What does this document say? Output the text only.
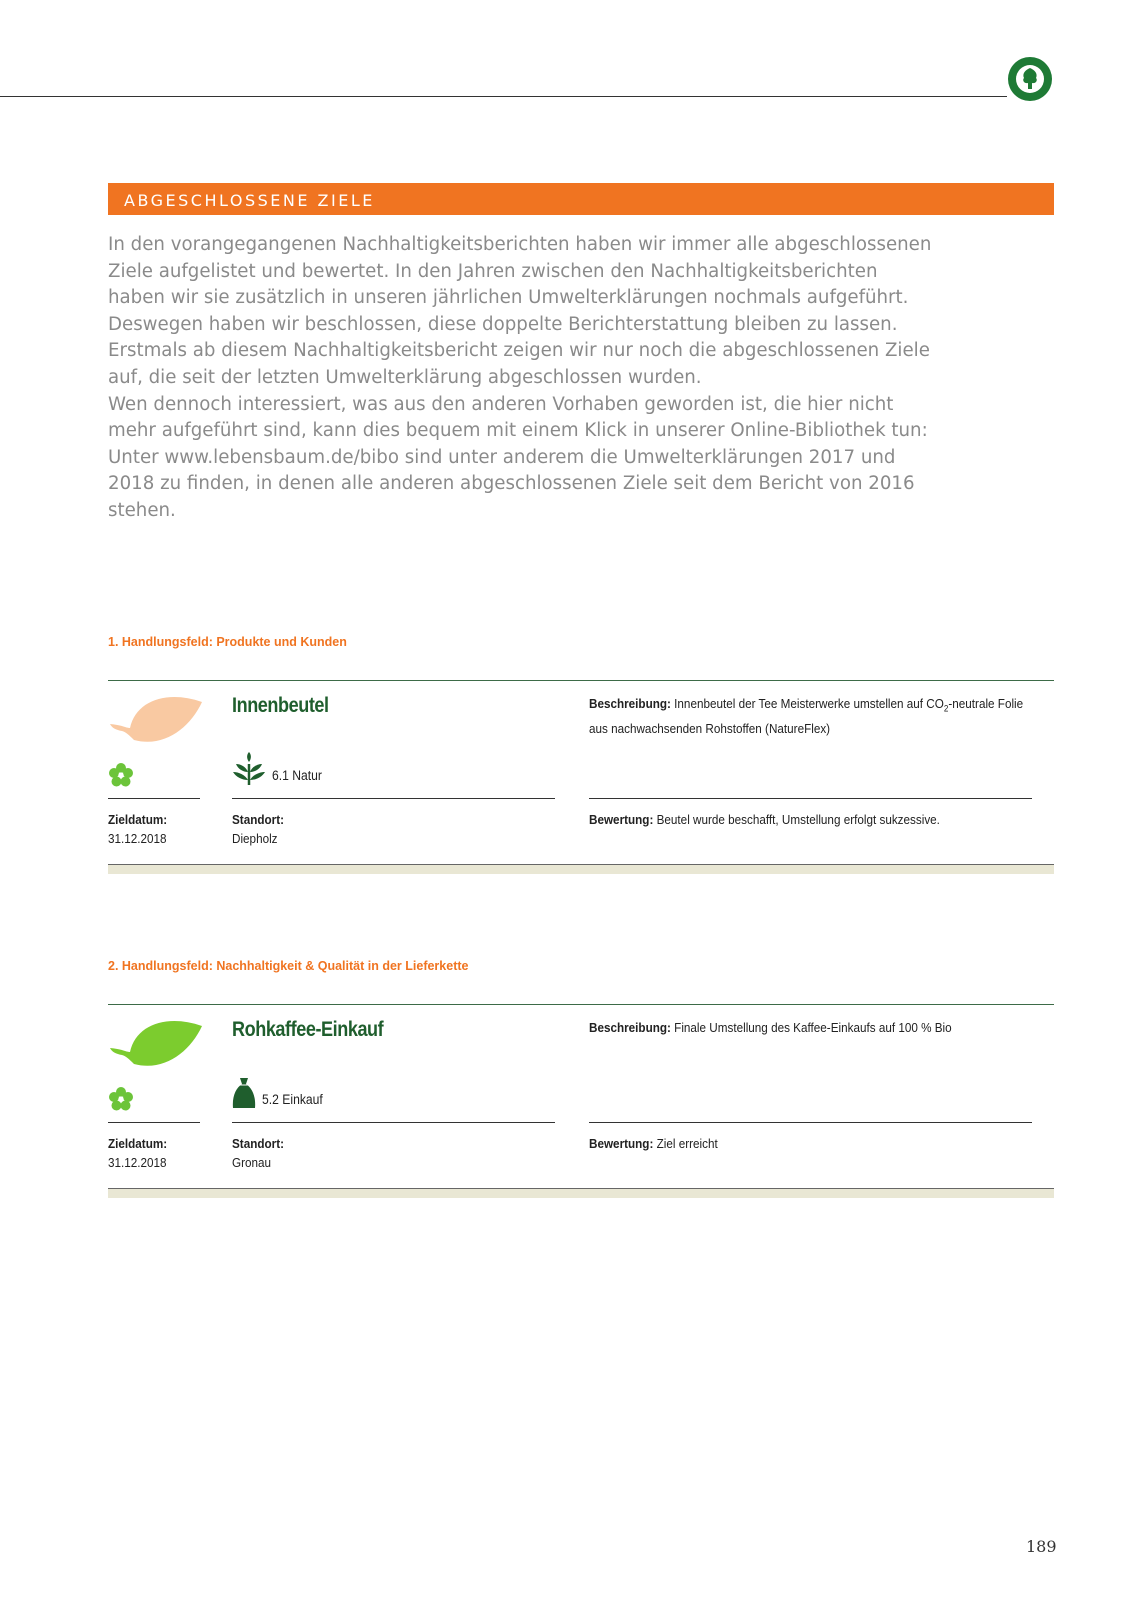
ABGESCHLOSSENE ZIELE

In den vorangegangenen Nachhaltigkeitsberichten haben wir immer alle abgeschlossenen Ziele aufgelistet und bewertet. In den Jahren zwischen den Nachhaltigkeitsberichten haben wir sie zusätzlich in unseren jährlichen Umwelterklärungen nochmals aufgeführt. Deswegen haben wir beschlossen, diese doppelte Berichterstattung bleiben zu lassen. Erstmals ab diesem Nachhaltigkeitsbericht zeigen wir nur noch die abgeschlossenen Ziele auf, die seit der letzten Umwelterklärung abgeschlossen wurden.

Wen dennoch interessiert, was aus den anderen Vorhaben geworden ist, die hier nicht mehr aufgeführt sind, kann dies bequem mit einem Klick in unserer Online-Bibliothek tun: Unter www.lebensbaum.de/bibo sind unter anderem die Umwelterklärungen 2017 und 2018 zu finden, in denen alle anderen abgeschlossenen Ziele seit dem Bericht von 2016 stehen.

1. Handlungsfeld: Produkte und Kunden
Innenbeutel
6.1 Natur
Zieldatum:
31.12.2018
Standort:
Diepholz
Beschreibung: Innenbeutel der Tee Meisterwerke umstellen auf $CO_2$-neutrale Folie aus nachwachsenden Rohstoffen (NatureFlex)
Bewertung: Beutel wurde beschafft, Umstellung erfolgt sukzessive.
2. Handlungsfeld: Nachhaltigkeit & Qualität in der Lieferkette
Rohkaffee-Einkauf
5.2 Einkauf
Zieldatum:
31.12.2018
Standort:
Gronau
Beschreibung: Finale Umstellung des Kaffee-Einkaufs auf 100 % Bio
Bewertung: Ziel erreicht
189
